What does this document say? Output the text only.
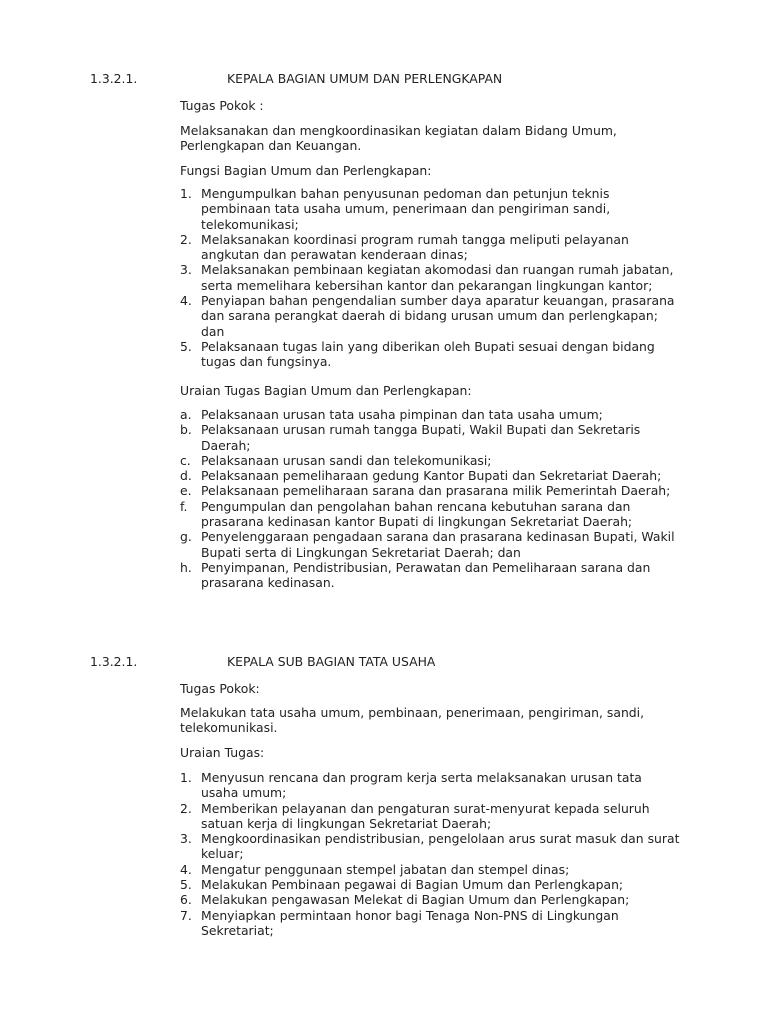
1.3.2.1.	KEPALA BAGIAN UMUM DAN PERLENGKAPAN

Tugas Pokok :

Melaksanakan dan mengkoordinasikan kegiatan dalam Bidang Umum, Perlengkapan dan Keuangan.

Fungsi Bagian Umum dan Perlengkapan:

1. Mengumpulkan bahan penyusunan pedoman dan petunjun teknis pembinaan tata usaha umum, penerimaan dan pengiriman sandi, telekomunikasi;
2. Melaksanakan koordinasi program rumah tangga meliputi pelayanan angkutan dan perawatan kenderaan dinas;
3. Melaksanakan pembinaan kegiatan akomodasi dan ruangan rumah jabatan, serta memelihara kebersihan kantor dan pekarangan lingkungan kantor;
4. Penyiapan bahan pengendalian sumber daya aparatur keuangan, prasarana dan sarana perangkat daerah di bidang urusan umum dan perlengkapan; dan
5. Pelaksanaan tugas lain yang diberikan oleh Bupati sesuai dengan bidang tugas dan fungsinya.

Uraian Tugas Bagian Umum dan Perlengkapan:

a. Pelaksanaan urusan tata usaha pimpinan dan tata usaha umum;
b. Pelaksanaan urusan rumah tangga Bupati, Wakil Bupati dan Sekretaris Daerah;
c. Pelaksanaan urusan sandi dan telekomunikasi;
d. Pelaksanaan pemeliharaan gedung Kantor Bupati dan Sekretariat Daerah;
e. Pelaksanaan pemeliharaan sarana dan prasarana milik Pemerintah Daerah;
f. Pengumpulan dan pengolahan bahan rencana kebutuhan sarana dan prasarana kedinasan kantor Bupati di lingkungan Sekretariat Daerah;
g. Penyelenggaraan pengadaan sarana dan prasarana kedinasan Bupati, Wakil Bupati serta di Lingkungan Sekretariat Daerah; dan
h. Penyimpanan, Pendistribusian, Perawatan dan Pemeliharaan sarana dan prasarana kedinasan.
1.3.2.1.	KEPALA SUB BAGIAN TATA USAHA

Tugas Pokok:

Melakukan tata usaha umum, pembinaan, penerimaan, pengiriman, sandi, telekomunikasi.

Uraian Tugas:

1. Menyusun rencana dan program kerja serta melaksanakan urusan tata usaha umum;
2. Memberikan pelayanan dan pengaturan surat-menyurat kepada seluruh satuan kerja di lingkungan Sekretariat Daerah;
3. Mengkoordinasikan pendistribusian, pengelolaan arus surat masuk dan surat keluar;
4. Mengatur penggunaan stempel jabatan dan stempel dinas;
5. Melakukan Pembinaan pegawai di Bagian Umum dan Perlengkapan;
6. Melakukan pengawasan Melekat di Bagian Umum dan Perlengkapan;
7. Menyiapkan permintaan honor bagi Tenaga Non-PNS di Lingkungan Sekretariat;
